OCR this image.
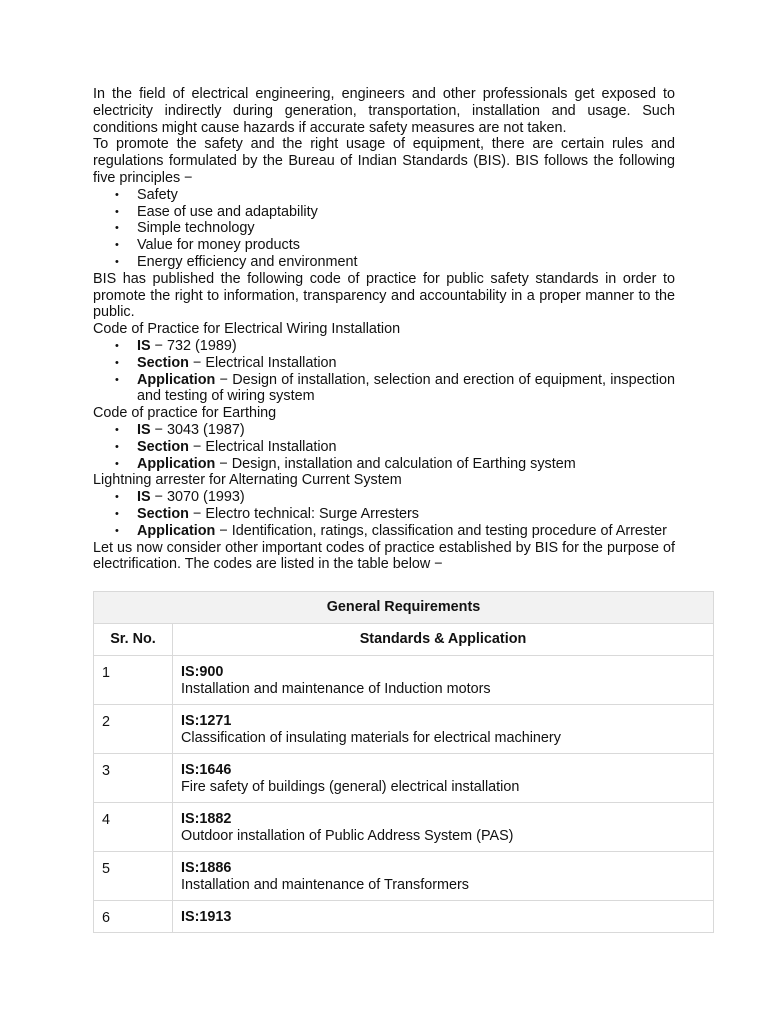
In the field of electrical engineering, engineers and other professionals get exposed to electricity indirectly during generation, transportation, installation and usage. Such conditions might cause hazards if accurate safety measures are not taken.

To promote the safety and the right usage of equipment, there are certain rules and regulations formulated by the Bureau of Indian Standards (BIS). BIS follows the following five principles −

• Safety
• Ease of use and adaptability
• Simple technology
• Value for money products
• Energy efficiency and environment

BIS has published the following code of practice for public safety standards in order to promote the right to information, transparency and accountability in a proper manner to the public.

Code of Practice for Electrical Wiring Installation

• IS − 732 (1989)
• Section − Electrical Installation
• Application − Design of installation, selection and erection of equipment, inspection and testing of wiring system

Code of practice for Earthing

• IS − 3043 (1987)
• Section − Electrical Installation
• Application − Design, installation and calculation of Earthing system

Lightning arrester for Alternating Current System

• IS − 3070 (1993)
• Section − Electro technical: Surge Arresters
• Application − Identification, ratings, classification and testing procedure of Arrester

Let us now consider other important codes of practice established by BIS for the purpose of electrification. The codes are listed in the table below −

General Requirements	
Sr. No.	Standards & Application
1	IS:900
Installation and maintenance of Induction motors
2	IS:1271
Classification of insulating materials for electrical machinery
3	IS:1646
Fire safety of buildings (general) electrical installation
4	IS:1882
Outdoor installation of Public Address System (PAS)
5	IS:1886
Installation and maintenance of Transformers
6	IS:1913
